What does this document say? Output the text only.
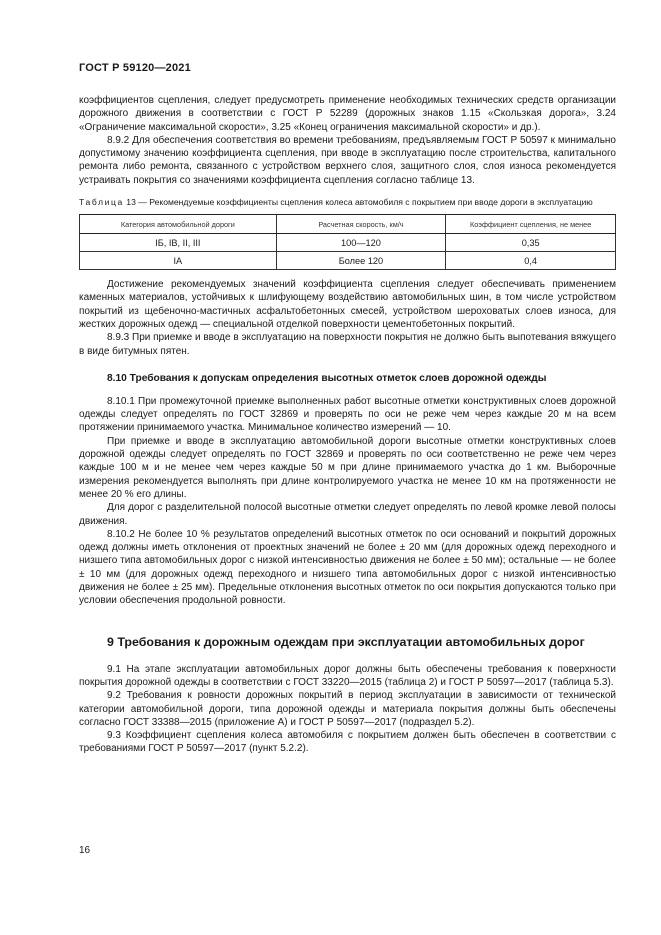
ГОСТ Р 59120—2021

коэффициентов сцепления, следует предусмотреть применение необходимых технических средств организации дорожного движения в соответствии с ГОСТ Р 52289 (дорожных знаков 1.15 «Скользкая дорога», 3.24 «Ограничение максимальной скорости», 3.25 «Конец ограничения максимальной скорости» и др.).

8.9.2 Для обеспечения соответствия во времени требованиям, предъявляемым ГОСТ Р 50597 к минимально допустимому значению коэффициента сцепления, при вводе в эксплуатацию после строительства, капитального ремонта либо ремонта, связанного с устройством верхнего слоя, защитного слоя, слоя износа рекомендуется устраивать покрытия со значениями коэффициента сцепления согласно таблице 13.

Таблица 13 — Рекомендуемые коэффициенты сцепления колеса автомобиля с покрытием при вводе дороги в эксплуатацию
Категория автомобильной дороги	Расчетная скорость, км/ч	Коэффициент сцепления, не менее
IБ, IB, II, III	100—120	0,35
IA	Более 120	0,4

Достижение рекомендуемых значений коэффициента сцепления следует обеспечивать применением каменных материалов, устойчивых к шлифующему воздействию автомобильных шин, в том числе устройством покрытий из щебеночно-мастичных асфальтобетонных смесей, устройством шероховатых слоев износа, для жестких дорожных одежд — специальной отделкой поверхности цементобетонных покрытий.

8.9.3 При приемке и вводе в эксплуатацию на поверхности покрытия не должно быть выпотевания вяжущего в виде битумных пятен.

8.10 Требования к допускам определения высотных отметок слоев дорожной одежды

8.10.1 При промежуточной приемке выполненных работ высотные отметки конструктивных слоев дорожной одежды следует определять по ГОСТ 32869 и проверять по оси не реже чем через каждые 20 м на всем протяжении принимаемого участка. Минимальное количество измерений — 10.

При приемке и вводе в эксплуатацию автомобильной дороги высотные отметки конструктивных слоев дорожной одежды следует определять по ГОСТ 32869 и проверять по оси соответственно не реже чем через каждые 100 м и не менее чем через каждые 50 м при длине принимаемого участка до 1 км. Выборочные измерения рекомендуется выполнять при длине контролируемого участка не менее 10 км на протяженности не менее 20 % его длины.

Для дорог с разделительной полосой высотные отметки следует определять по левой кромке левой полосы движения.

8.10.2 Не более 10 % результатов определений высотных отметок по оси оснований и покрытий дорожных одежд должны иметь отклонения от проектных значений не более ± 20 мм (для дорожных одежд переходного и низшего типа автомобильных дорог с низкой интенсивностью движения не более ± 50 мм); остальные — не более ± 10 мм (для дорожных одежд переходного и низшего типа автомобильных дорог с низкой интенсивностью движения не более ± 25 мм). Предельные отклонения высотных отметок по оси покрытия допускаются только при условии обеспечения продольной ровности.

9 Требования к дорожным одеждам при эксплуатации автомобильных дорог

9.1 На этапе эксплуатации автомобильных дорог должны быть обеспечены требования к поверхности покрытия дорожной одежды в соответствии с ГОСТ 33220—2015 (таблица 2) и ГОСТ Р 50597—2017 (таблица 5.3).

9.2 Требования к ровности дорожных покрытий в период эксплуатации в зависимости от технической категории автомобильной дороги, типа дорожной одежды и материала покрытия должны быть обеспечены согласно ГОСТ 33388—2015 (приложение А) и ГОСТ Р 50597—2017 (подраздел 5.2).

9.3 Коэффициент сцепления колеса автомобиля с покрытием должен быть обеспечен в соответствии с требованиями ГОСТ Р 50597—2017 (пункт 5.2.2).

16
